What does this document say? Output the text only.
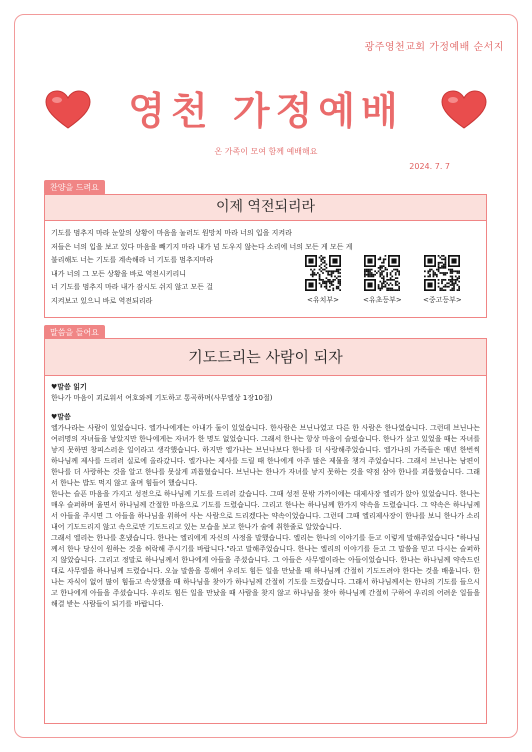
광주영천교회 가정예배 순서지
영천 가정예배
온 가족이 모여 함께 예배해요
2024. 7. 7
찬양을 드려요
이제 역전되리라
기도를 멈추지 마라 눈앞의 상황이 마음을 눌러도 원망치 마라 너의 입을 지켜라
저들은 너의 입을 보고 있다 마음을 빼기지 마라 내가 넘 도우지 않는다 소리에 너의 모든 게 모든 게
불리해도 너는 기도를 계속해라 너 기도를 멈추지마라
내가 너의 그 모든 상황을 바로 역전시키리니
너 기도를 멈추지 마라 내가 잠시도 쉬지 않고 모든 걸
지켜보고 있으니 바로 역전되리라	<유치부>	<유초등부>	<중고등부>
말씀을 들어요
기도드리는 사람이 되자

♥말씀 읽기

한나가 마음이 괴로워서 여호와께 기도하고 통곡하며(사무엘상 1장10절)

♥말씀

엘가나라는 사람이 있었습니다. 엘가나에게는 아내가 둘이 있었습니다. 한사람은 브닌나였고 다른 한 사람은 한나였습니다. 그런데 브닌나는 여러명의 자녀들을 낳았지만 한나에게는 자녀가 한 명도 없었습니다. 그래서 한나는 항상 마음이 슬펐습니다. 한나가 살고 있었을 때는 자녀를 낳지 못하면 창피스러운 일이라고 생각했습니다. 하지만 엘가나는 브닌나보다 한나를 더 사랑해주었습니다. 엘가나의 가족들은 매년 한번씩 하나님께 제사를 드리러 실로에 올라갔니다. 엘가나는 제사를 드릴 때 한나에게 아주 많은 제물을 챙겨 주었습니다. 그래서 브닌나는 남편이 한나를 더 사랑하는 것을 알고 한나를 못살게 괴롭혔습니다. 브닌나는 한나가 자녀를 낳지 못하는 것을 약점 삼아 한나를 괴롭혔습니다. 그래서 한나는 밥도 먹지 않고 울며 힘들어 했습니다.

한나는 슬픈 마음을 가지고 성전으로 하나님께 기도를 드리러 갔습니다. 그때 성전 문밖 가까이에는 대제사장 엘리가 앉아 있었습니다. 한나는 매우 슬퍼하며 울면서 하나님께 간절한 마음으로 기도를 드렸습니다. 그리고 한나는 하나님께 한가지 약속을 드렸습니다. 그 약속은 하나님께서 아들을 주시면 그 아들을 하나님을 위하여 사는 사람으로 드리겠다는 약속이었습니다. 그런데 그때 엘리제사장이 한나를 보니 한나가 소리내어 기도드리지 않고 속으로만 기도드리고 있는 모습을 보고 한나가 술에 취한줄로 알았습니다.

그래서 엘리는 한나를 혼냈습니다. 한나는 엘리에게 자신의 사정을 말했습니다. 엘리는 한나의 이야기를 듣고 이렇게 말해주었습니다 "하나님께서 한나 당신이 원하는 것을 허락해 주시기를 바랍니다."라고 말해주었습니다. 한나는 엘리의 이야기를 듣고 그 말씀을 믿고 다시는 슬퍼하지 않았습니다. 그리고 정말로 하나님께서 한나에게 아들을 주셨습니다. 그 아들은 사무엘이라는 아들이었습니다. 한나는 하나님께 약속드린 대로 사무엘을 하나님께 드렸습니다. 오늘 말씀을 통해여 우리도 힘든 일을 만났을 때 하나님께 간절히 기도드려야 한다는 것을 배웁니다. 한나는 자식이 없어 많이 힘들고 속상했을 때 하나님을 찾아가 하나님께 간절히 기도를 드렸습니다. 그래서 하나님께서는 한나의 기도를 들으시고 한나에게 아들을 주셨습니다. 우리도 힘든 일을 만났을 때 사람을 찾지 않고 하나님을 찾아 하나님께 간절히 구하여 우리의 어려운 일들을 해결 받는 사람들이 되기를 바랍니다.
